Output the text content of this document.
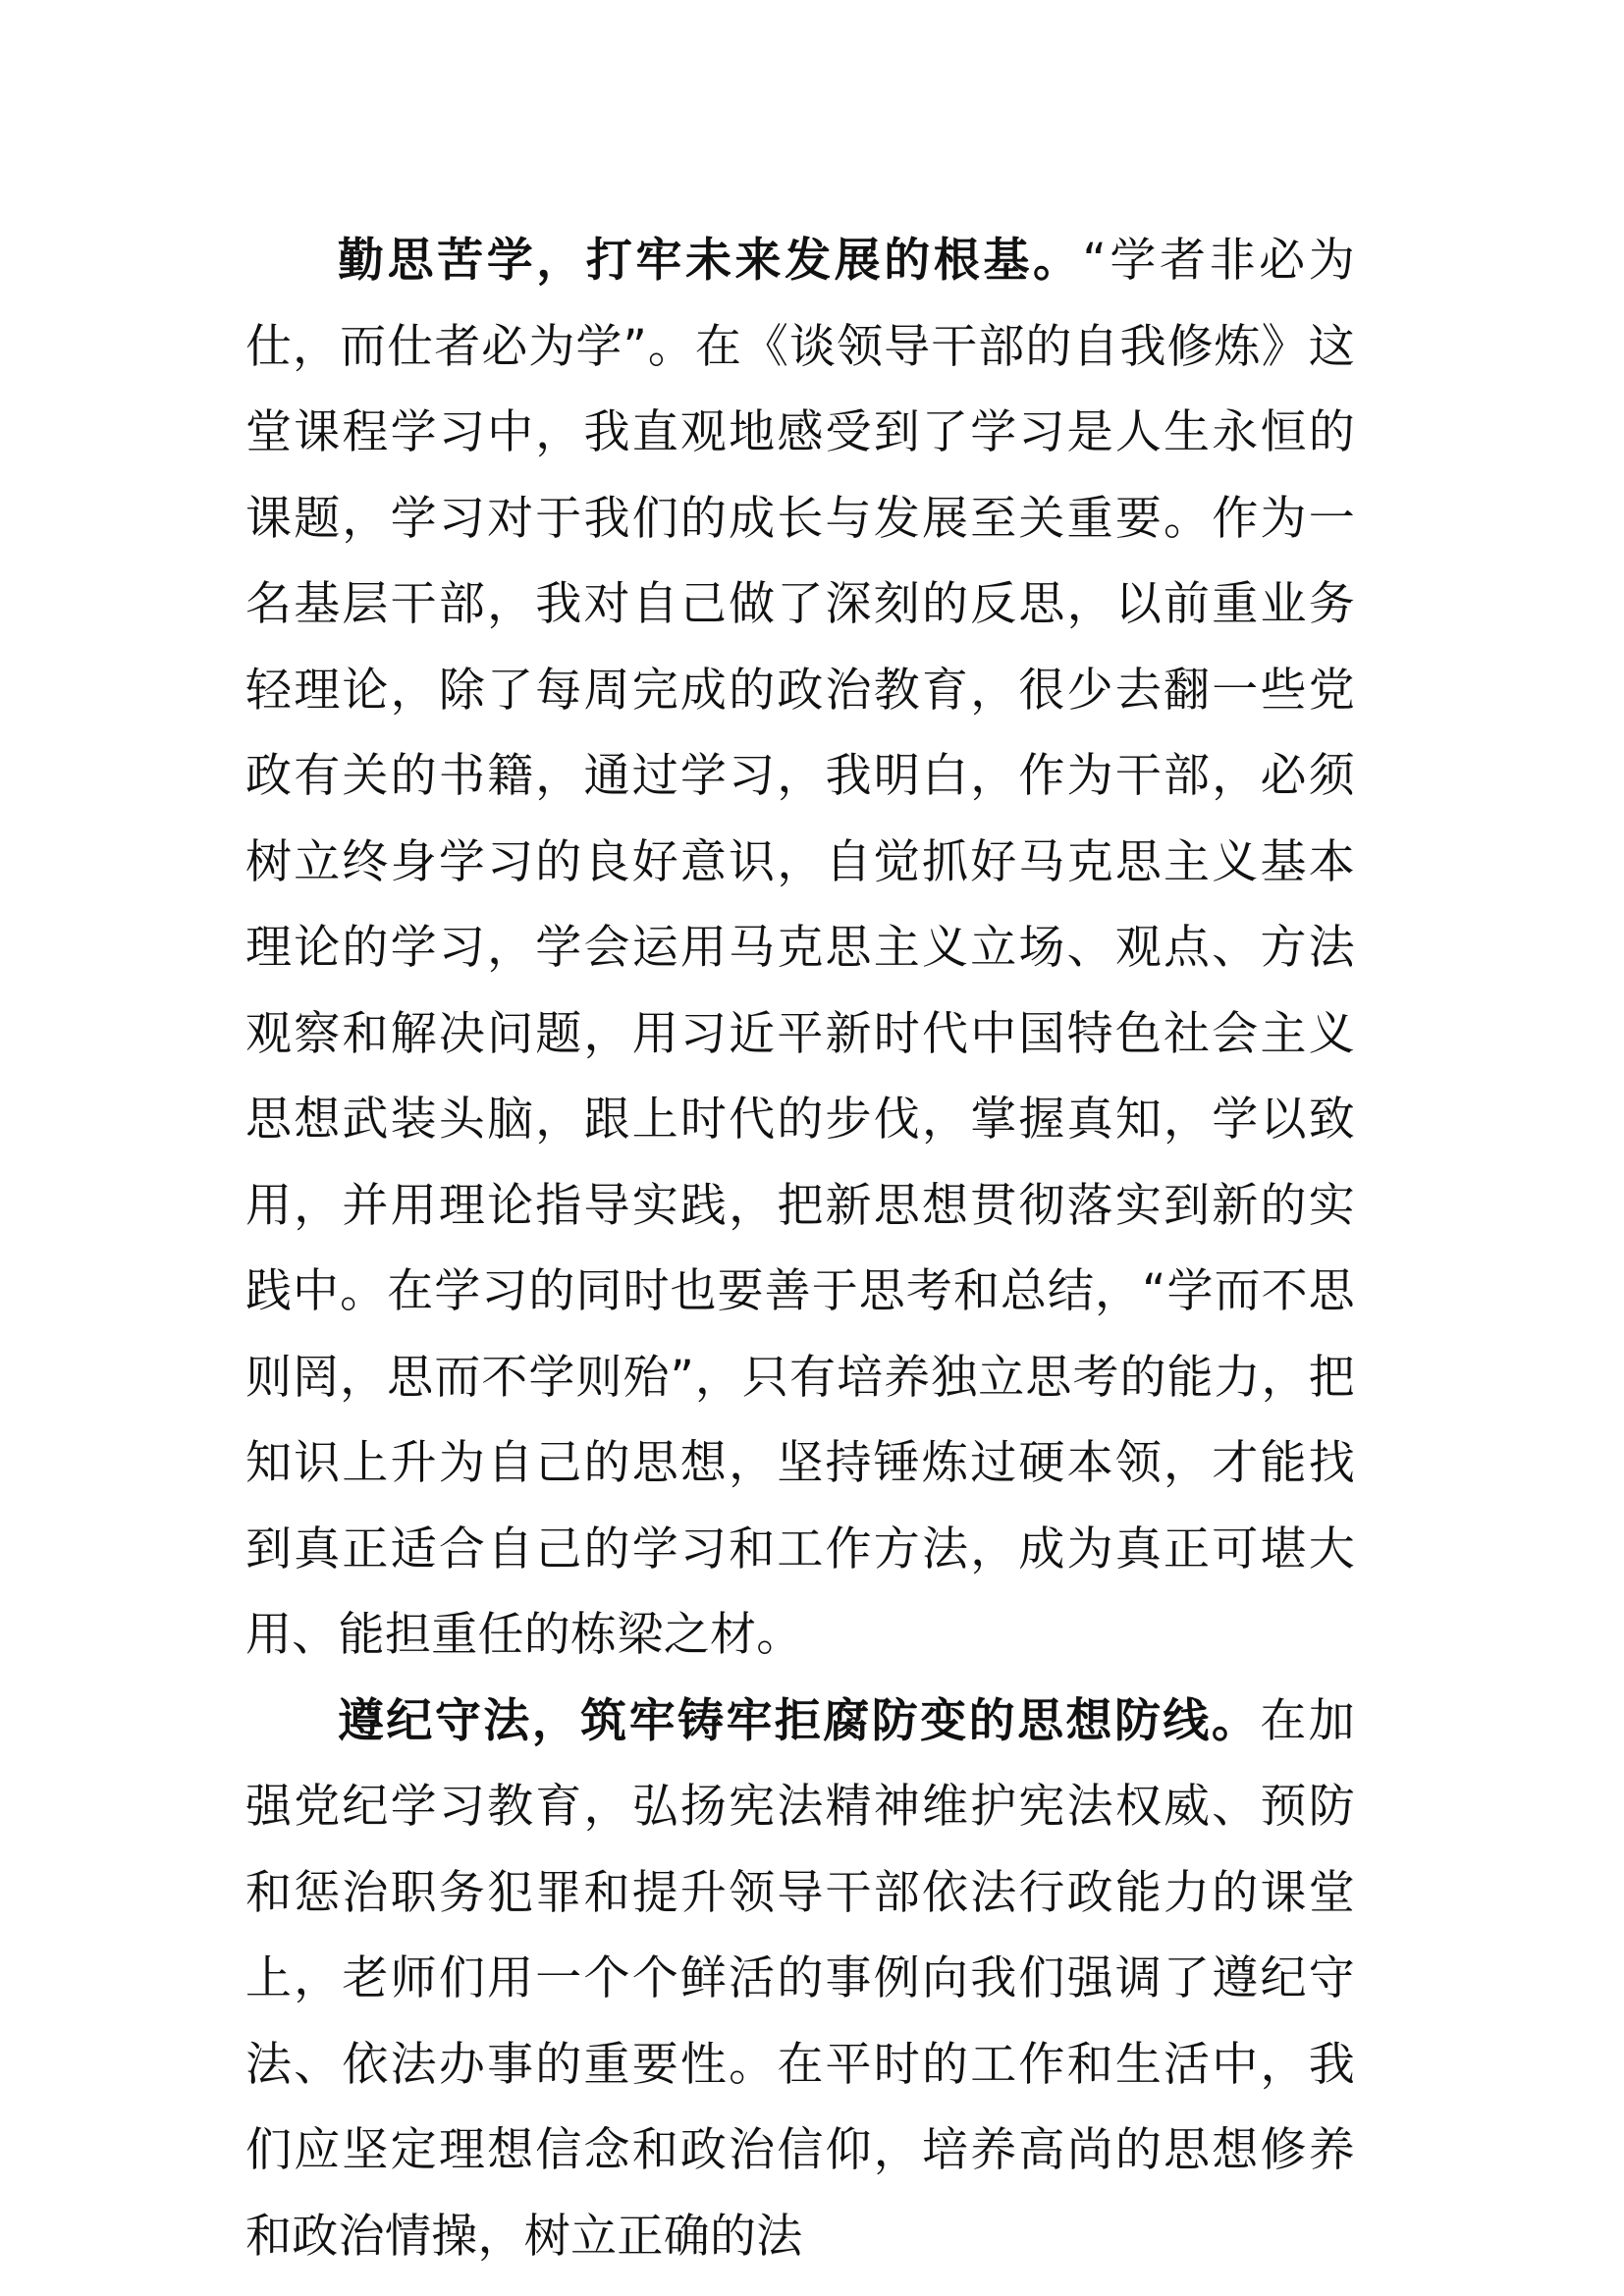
勤思苦学，打牢未来发展的根基。“学者非必为仕，而仕者必为学”。在《谈领导干部的自我修炼》这堂课程学习中，我直观地感受到了学习是人生永恒的课题，学习对于我们的成长与发展至关重要。作为一名基层干部，我对自己做了深刻的反思，以前重业务轻理论，除了每周完成的政治教育，很少去翻一些党政有关的书籍，通过学习，我明白，作为干部，必须树立终身学习的良好意识，自觉抓好马克思主义基本理论的学习，学会运用马克思主义立场、观点、方法观察和解决问题，用习近平新时代中国特色社会主义思想武装头脑，跟上时代的步伐，掌握真知，学以致用，并用理论指导实践，把新思想贯彻落实到新的实践中。在学习的同时也要善于思考和总结，“学而不思则罔，思而不学则殆”，只有培养独立思考的能力，把知识上升为自己的思想，坚持锤炼过硬本领，才能找到真正适合自己的学习和工作方法，成为真正可堪大用、能担重任的栋梁之材。

遵纪守法，筑牢铸牢拒腐防变的思想防线。在加强党纪学习教育，弘扬宪法精神维护宪法权威、预防和惩治职务犯罪和提升领导干部依法行政能力的课堂上，老师们用一个个鲜活的事例向我们强调了遵纪守法、依法办事的重要性。在平时的工作和生活中，我们应坚定理想信念和政治信仰，培养高尚的思想修养和政治情操，树立正确的法
